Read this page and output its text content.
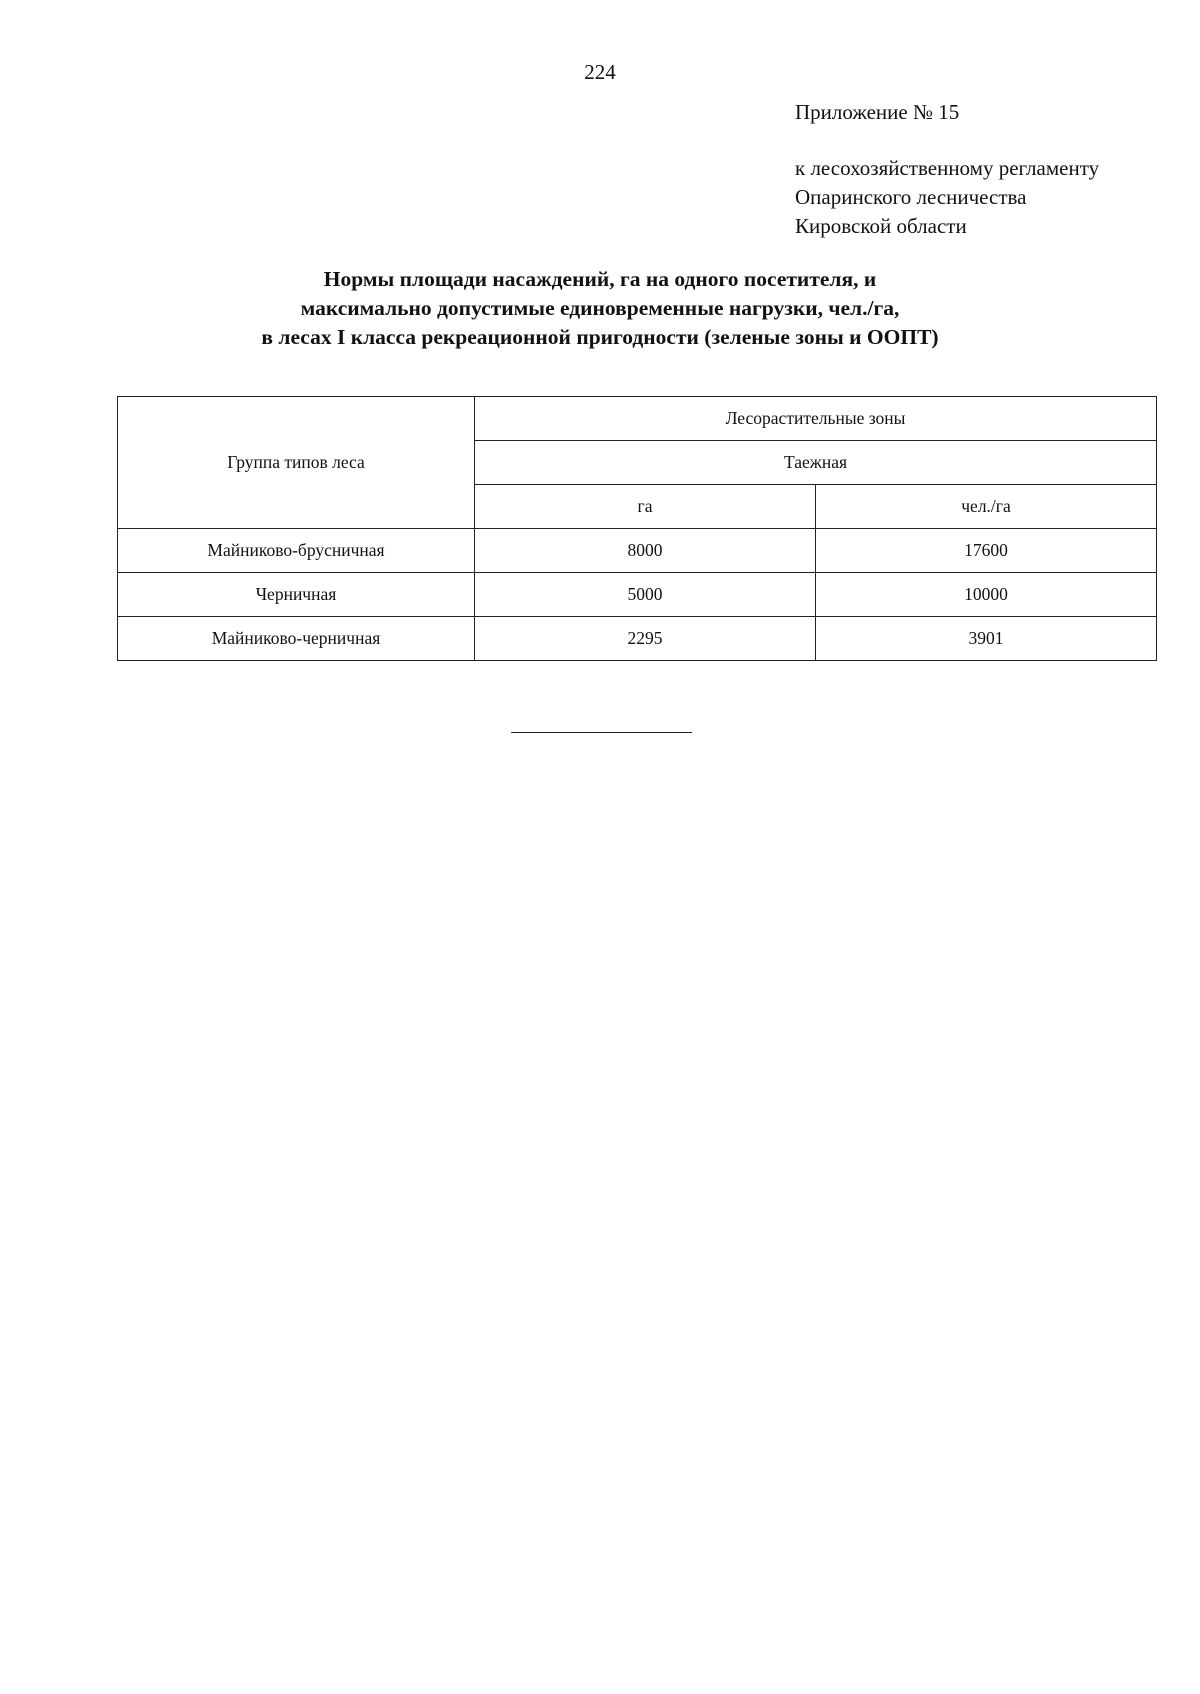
224
Приложение № 15
к лесохозяйственному регламенту
Опаринского лесничества
Кировской области
Нормы площади насаждений, га на одного посетителя, и
максимально допустимые единовременные нагрузки, чел./га,
в лесах I класса рекреационной пригодности (зеленые зоны и ООПТ)
Группа типов леса	Лесорастительные зоны	
	Таежная	
	га	чел./га
Майниково-брусничная	8000	17600
Черничная	5000	10000
Майниково-черничная	2295	3901
